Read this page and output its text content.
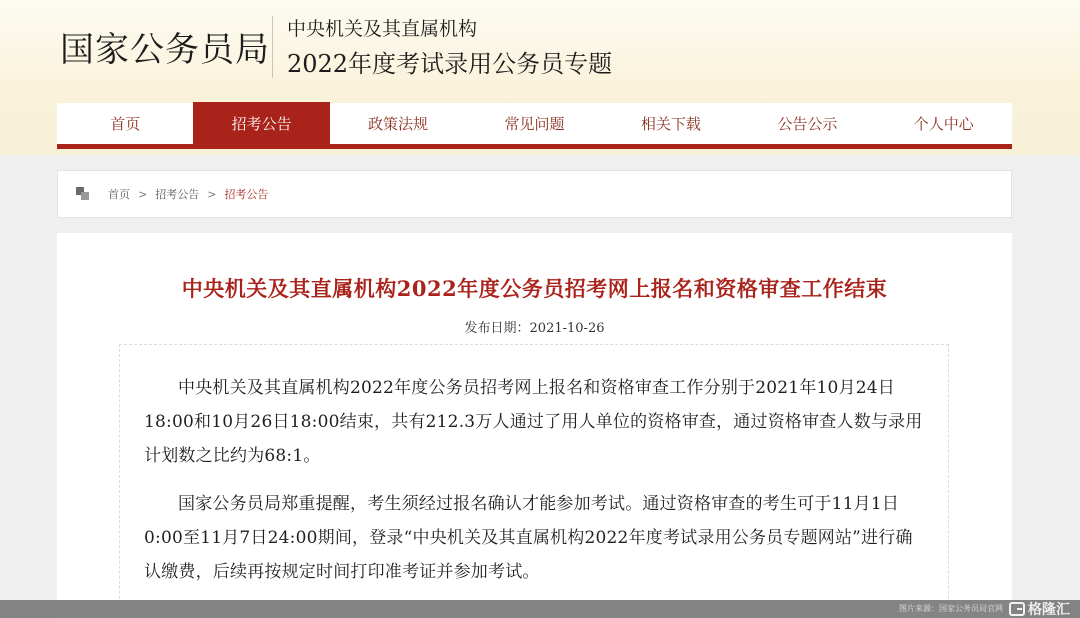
国家公务员局
中央机关及其直属机构
2022年度考试录用公务员专题
首页	招考公告	政策法规	常见问题	相关下载	公告公示	个人中心
首页 > 招考公告 > 招考公告
中央机关及其直属机构2022年度公务员招考网上报名和资格审查工作结束
发布日期：2021-10-26

中央机关及其直属机构2022年度公务员招考网上报名和资格审查工作分别于2021年10月24日18:00和10月26日18:00结束，共有212.3万人通过了用人单位的资格审查，通过资格审查人数与录用计划数之比约为68:1。

国家公务员局郑重提醒，考生须经过报名确认才能参加考试。通过资格审查的考生可于11月1日0:00至11月7日24:00期间，登录“中央机关及其直属机构2022年度考试录用公务员专题网站”进行确认缴费，后续再按规定时间打印准考证并参加考试。

图片来源：国家公务员局官网 格隆汇
